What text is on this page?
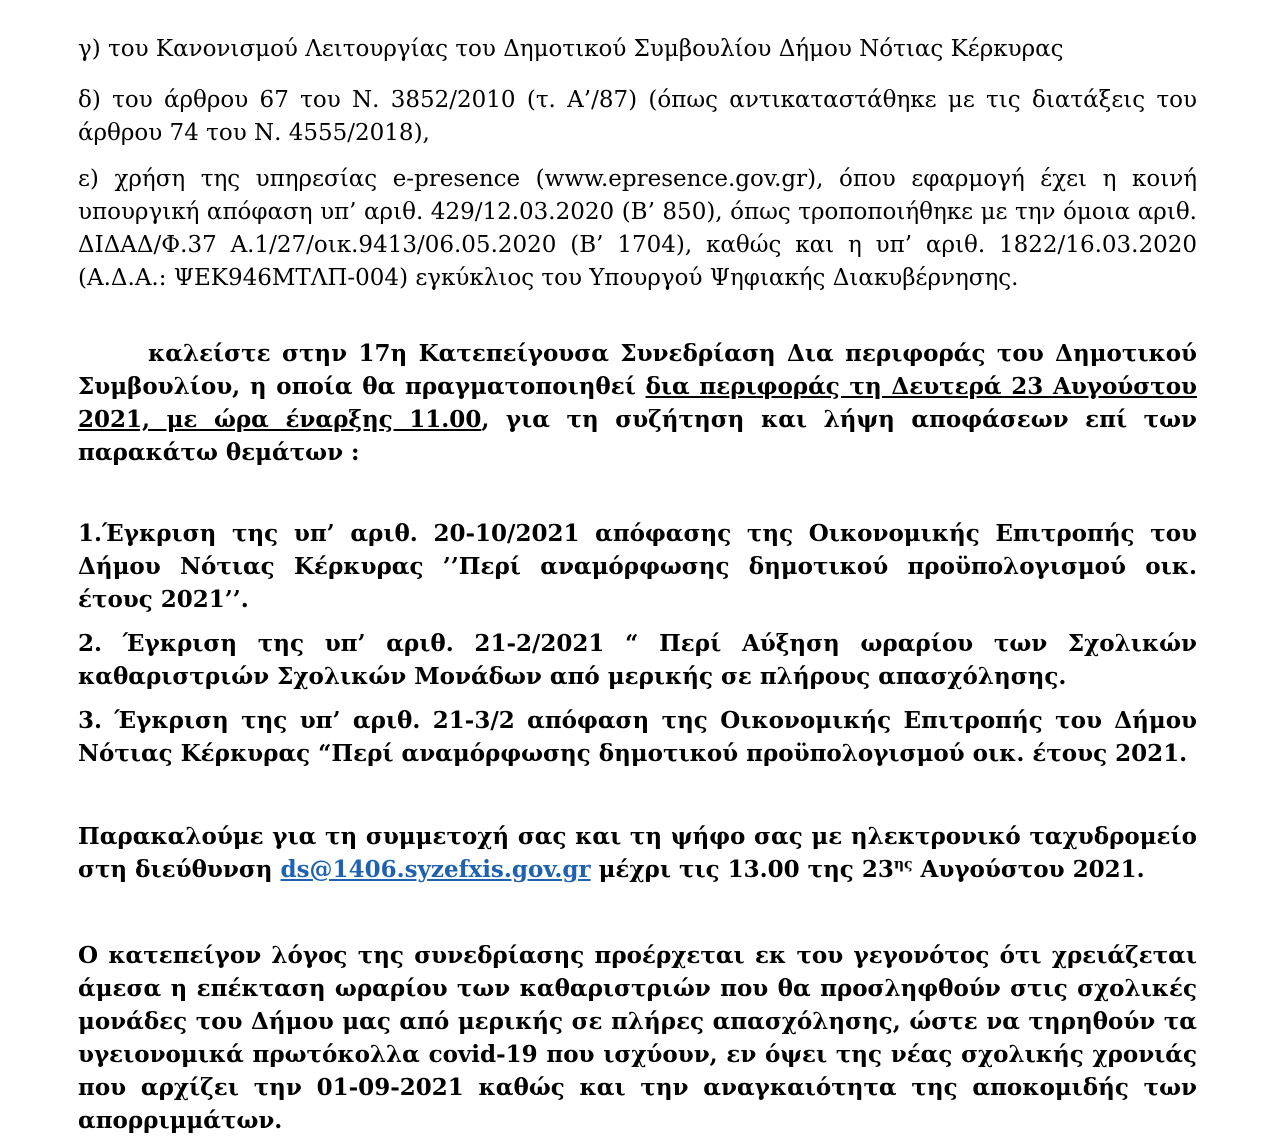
γ) του Κανονισμού Λειτουργίας του Δημοτικού Συμβουλίου Δήμου Νότιας Κέρκυρας

δ) του άρθρου 67 του Ν. 3852/2010 (τ. Α’/87) (όπως αντικαταστάθηκε με τις διατάξεις του άρθρου 74 του Ν. 4555/2018),

ε) χρήση της υπηρεσίας e-presence (www.epresence.gov.gr), όπου εφαρμογή έχει η κοινή υπουργική απόφαση υπ’ αριθ. 429/12.03.2020 (Β’ 850), όπως τροποποιήθηκε με την όμοια αριθ. ΔΙΔΑΔ/Φ.37 Α.1/27/οικ.9413/06.05.2020 (Β’ 1704), καθώς και η υπ’ αριθ. 1822/16.03.2020 (Α.Δ.Α.: ΨΕΚ946ΜΤΛΠ-004) εγκύκλιος του Υπουργού Ψηφιακής Διακυβέρνησης.

καλείστε στην 17η Κατεπείγουσα Συνεδρίαση Δια περιφοράς του Δημοτικού Συμβουλίου, η οποία θα πραγματοποιηθεί δια περιφοράς τη Δευτερά 23 Αυγούστου 2021, με ώρα έναρξης 11.00, για τη συζήτηση και λήψη αποφάσεων επί των παρακάτω θεμάτων :

1.Έγκριση της υπ’ αριθ. 20-10/2021 απόφασης της Οικονομικής Επιτροπής του Δήμου Νότιας Κέρκυρας ’’Περί αναμόρφωσης δημοτικού προϋπολογισμού οικ. έτους 2021’’.

2. Έγκριση της υπ’ αριθ. 21-2/2021 “ Περί Αύξηση ωραρίου των Σχολικών καθαριστριών Σχολικών Μονάδων από μερικής σε πλήρους απασχόλησης.

3. Έγκριση της υπ’ αριθ. 21-3/2 απόφαση της Οικονομικής Επιτροπής του Δήμου Νότιας Κέρκυρας “Περί αναμόρφωσης δημοτικού προϋπολογισμού οικ. έτους 2021.

Παρακαλούμε για τη συμμετοχή σας και τη ψήφο σας με ηλεκτρονικό ταχυδρομείο στη διεύθυνση ds@1406.syzefxis.gov.gr μέχρι τις 13.00 της $23^{\eta\varsigma}$ Αυγούστου 2021.

Ο κατεπείγον λόγος της συνεδρίασης προέρχεται εκ του γεγονότος ότι χρειάζεται άμεσα η επέκταση ωραρίου των καθαριστριών που θα προσληφθούν στις σχολικές μονάδες του Δήμου μας από μερικής σε πλήρες απασχόλησης, ώστε να τηρηθούν τα υγειονομικά πρωτόκολλα covid-19 που ισχύουν, εν όψει της νέας σχολικής χρονιάς που αρχίζει την 01-09-2021 καθώς και την αναγκαιότητα της αποκομιδής των απορριμμάτων.
